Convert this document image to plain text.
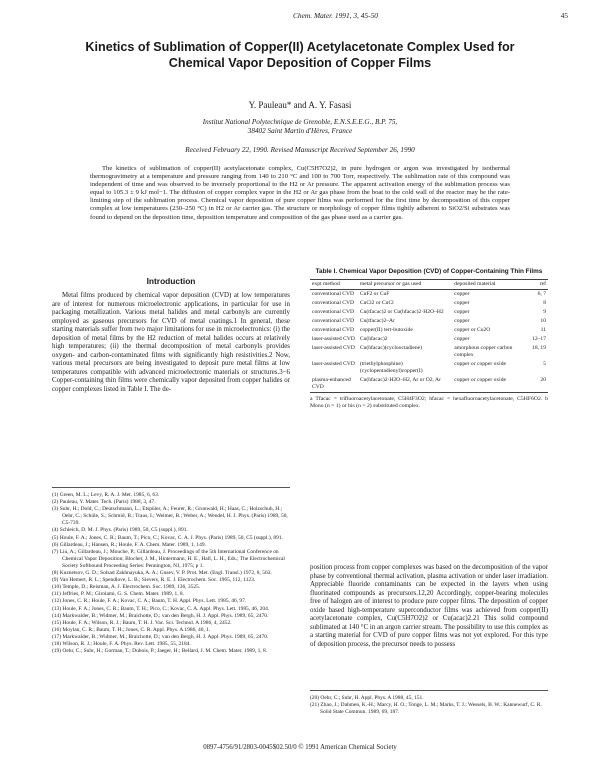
Chem. Mater. 1991, 3, 45-50	45
Kinetics of Sublimation of Copper(II) Acetylacetonate Complex Used for Chemical Vapor Deposition of Copper Films
Y. Pauleau* and A. Y. Fasasi
Institut National Polytechnique de Grenoble, E.N.S.E.E.G., B.P. 75,
38402 Saint Martin d'Hères, France
Received February 22, 1990. Revised Manuscript Received September 26, 1990

The kinetics of sublimation of copper(II) acetylacetonate complex, Cu(C5H7O2)2, in pure hydrogen or argon was investigated by isothermal thermogravimetry at a temperature and pressure ranging from 140 to 210 °C and 100 to 700 Torr, respectively. The sublimation rate of this compound was independent of time and was observed to be inversely proportional to the H2 or Ar pressure. The apparent activation energy of the sublimation process was equal to 105.3 ± 9 kJ mol−1. The diffusion of copper complex vapor in the H2 or Ar gas phase from the boat to the cold wall of the reactor may be the rate-limiting step of the sublimation process. Chemical vapor deposition of pure copper films was performed for the first time by decomposition of this copper complex at low temperatures (230–250 °C) in H2 or Ar carrier gas. The structure or morphology of copper films tightly adherent to SiO2/Si substrates was found to depend on the deposition time, deposition temperature and composition of the gas phase used as a carrier gas.

Introduction

Metal films produced by chemical vapor deposition (CVD) at low temperatures are of interest for numerous microelectronic applications, in particular for use in packaging metallization. Various metal halides and metal carbonyls are currently employed as gaseous precursors for CVD of metal coatings.1 In general, these starting materials suffer from two major limitations for use in microelectronics: (i) the deposition of metal films by the H2 reduction of metal halides occurs at relatively high temperatures; (ii) the thermal decomposition of metal carbonyls provides oxygen- and carbon-contaminated films with significantly high resistivities.2 Now, various metal precursors are being investigated to deposit pure metal films at low temperatures compatible with advanced microelectronic materials or structures.3−6 Copper-containing thin films were chemically vapor deposited from copper halides or copper complexes listed in Table I. The de-

(1) Green, M. L.; Levy, R. A. J. Met. 1985, 6, 63.
(2) Pauleau, Y. Mater. Tech. (Paris) 1988, 3, 47.
(3) Suhr, H.; Dold, C.; Deutschmann, L.; Etspüler, A.; Feurer, R.; Grunwald, H.; Haas, C.; Holzschuh, H.; Oehr, C.; Schüle, S.; Schmid, B.; Traus, I.; Weimer, B.; Weber, A.; Wendel, H. J. Phys. (Paris) 1989, 50, C5-739.
(4) Schleich, D. M. J. Phys. (Paris) 1989, 50, C5 (suppl.), 891.
(5) Houle, F. A.; Jones, C. R.; Baum, T.; Pico, C.; Kovac, C. A. J. Phys. (Paris) 1989, 50, C5 (suppl.), 891.
(6) Gillardeau, J.; Hansen, R.; Houle, F. A. Chem. Mater. 1989, 1, 149.
(7) Liu, A.; Gillardeau, J.; Mouche, P.; Gillardeau, J. Proceedings of the 5th International Conference on Chemical Vapor Deposition; Blocher, J. M., Hintermann, H. E., Hall, L. H., Eds.; The Electrochemical Society Softbound Proceeding Series: Pennington, NJ, 1975; p 1.
(8) Kuznetsov, G. D.; Solsad Zakhnayuka, A. A.; Gusev, V. P. Prot. Met. (Engl. Transl.) 1972, 8, 563.
(9) Van Hemert, R. L.; Spendlove, L. B.; Sievers, R. E. J. Electrochem. Soc. 1965, 112, 1123.
(10) Temple, D.; Reisman, A. J. Electrochem. Soc. 1989, 136, 3525.
(11) Jeffries, P. M.; Girolami, G. S. Chem. Mater. 1989, 1, 8.
(12) Jones, C. R.; Houle, F. A.; Kovac, C. A.; Baum, T. H. Appl. Phys. Lett. 1985, 46, 97.
(13) Houle, F. A.; Jones, C. R.; Baum, T. H.; Pico, C.; Kovac, C. A. Appl. Phys. Lett. 1985, 46, 204.
(14) Markwalder, B.; Widmer, M.; Braichotte, D.; van den Bergh, H. J. Appl. Phys. 1989, 65, 2470.
(15) Houle, F. A.; Wilson, R. J.; Baum, T. H. J. Vac. Sci. Technol. A 1986, 4, 2452.
(16) Moylan, C. R.; Baum, T. H.; Jones, C. R. Appl. Phys. A 1986, 40, 1.
(17) Markwalder, B.; Widmer, M.; Braichotte, D.; van den Bergh, H. J. Appl. Phys. 1989, 65, 2470.
(18) Wilson, R. J.; Houle, F. A. Phys. Rev. Lett. 1985, 55, 2184.
(19) Oehr, C.; Suhr, H.; Gorman, T.; Dubois, P.; Jaeger, H.; Bellard, J. M. Chem. Mater. 1989, 1, 8.

Table I. Chemical Vapor Deposition (CVD) of Copper-Containing Thin Films

expt method	metal precursor or gas used	deposited material	ref
conventional CVD	CuF2 or CuF	copper	6, 7
conventional CVD	CuCl2 or CuCl	copper	8
conventional CVD	Cu(tfacac)2 or Cu(hfacac)2·H2O–H2	copper	9
conventional CVD	Cu(tfacac)2–Ar	copper	10
conventional CVD	copper(II) tert-butoxide	copper or Cu2O	11
laser-assisted CVD	Cu(hfacac)2	copper	12–17
laser-assisted CVD	Cu(hfacac)(cyclooctadiene)	amorphous copper carbon complex	18, 19
laser-assisted CVD	(triethylphosphine)(cyclopentadienyl)copper(I)	copper or copper oxide	5
plasma-enhanced CVD	Cu(hfacac)2·H2O–H2, Ar or O2, Ar	copper or copper oxide	20

a Tfacac = trifluoroacetylacetonate, C5H4F3O2; hfacac = hexafluoroacetylacetonate, C5HF6O2. b Mono (n = 1) or bis (n = 2) substituted complex.

position process from copper complexes was based on the decomposition of the vapor phase by conventional thermal activation, plasma activation or under laser irradiation. Appreciable fluoride contaminants can be expected in the layers when using fluorinated compounds as precursors.12,20 Accordingly, copper-bearing molecules free of halogen are of interest to produce pure copper films. The deposition of copper oxide based high-temperature superconductor films was achieved from copper(II) acetylacetonate complex, Cu(C5H7O2)2 or Cu(acac)2.21 This solid compound sublimated at 140 °C in an argon carrier stream. The possibility to use this complex as a starting material for CVD of pure copper films was not yet explored. For this type of deposition process, the precursor needs to possess

(20) Oehr, C.; Suhr, H. Appl. Phys. A 1988, 45, 151.
(21) Zhao, J.; Dahmen, K.-H.; Marcy, H. O.; Tonge, L. M.; Marks, T. J.; Wessels, B. W.; Kannewurf, C. R. Solid State Commun. 1989, 69, 187.
0897-4756/91/2803-0045$02.50/0 © 1991 American Chemical Society
